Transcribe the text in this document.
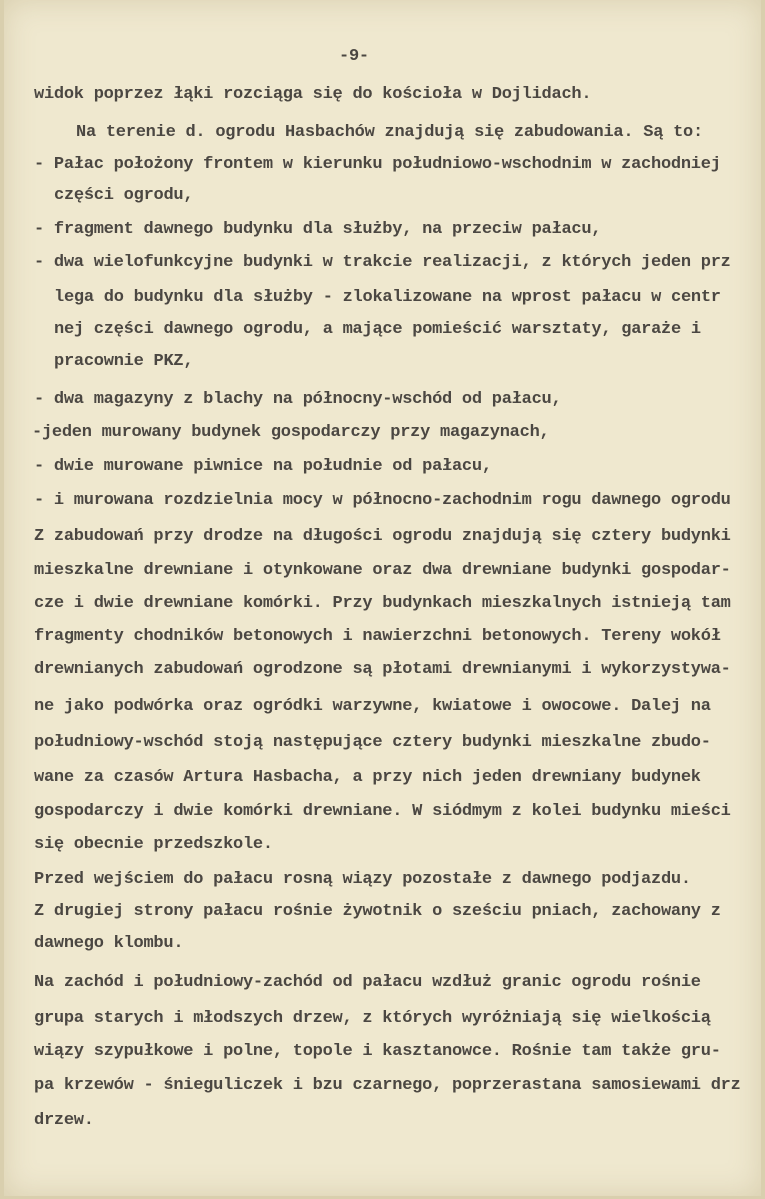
-9-
widok poprzez łąki rozciąga się do kościoła w Dojlidach.
Na terenie d. ogrodu Hasbachów znajdują się zabudowania. Są to:
- Pałac położony frontem w kierunku południowo-wschodnim w zachodniej
części ogrodu,
- fragment dawnego budynku dla służby, na przeciw pałacu,
- dwa wielofunkcyjne budynki w trakcie realizacji, z których jeden prz
lega do budynku dla służby - zlokalizowane na wprost pałacu w centr
nej części dawnego ogrodu, a mające pomieścić warsztaty, garaże i
pracownie PKZ,
- dwa magazyny z blachy na północny-wschód od pałacu,
-jeden murowany budynek gospodarczy przy magazynach,
- dwie murowane piwnice na południe od pałacu,
- i murowana rozdzielnia mocy w północno-zachodnim rogu dawnego ogrodu
Z zabudowań przy drodze na długości ogrodu znajdują się cztery budynki
mieszkalne drewniane i otynkowane oraz dwa drewniane budynki gospodar-
cze i dwie drewniane komórki. Przy budynkach mieszkalnych istnieją tam
fragmenty chodników betonowych i nawierzchni betonowych. Tereny wokół
drewnianych zabudowań ogrodzone są płotami drewnianymi i wykorzystywa-
ne jako podwórka oraz ogródki warzywne, kwiatowe i owocowe. Dalej na
południowy-wschód stoją następujące cztery budynki mieszkalne zbudo-
wane za czasów Artura Hasbacha, a przy nich jeden drewniany budynek
gospodarczy i dwie komórki drewniane. W siódmym z kolei budynku mieści
się obecnie przedszkole.
Przed wejściem do pałacu rosną wiązy pozostałe z dawnego podjazdu.
Z drugiej strony pałacu rośnie żywotnik o sześciu pniach, zachowany z
dawnego klombu.
Na zachód i południowy-zachód od pałacu wzdłuż granic ogrodu rośnie
grupa starych i młodszych drzew, z których wyróżniają się wielkością
wiązy szypułkowe i polne, topole i kasztanowce. Rośnie tam także gru-
pa krzewów - śnieguliczek i bzu czarnego, poprzerastana samosiewami drz
drzew.
